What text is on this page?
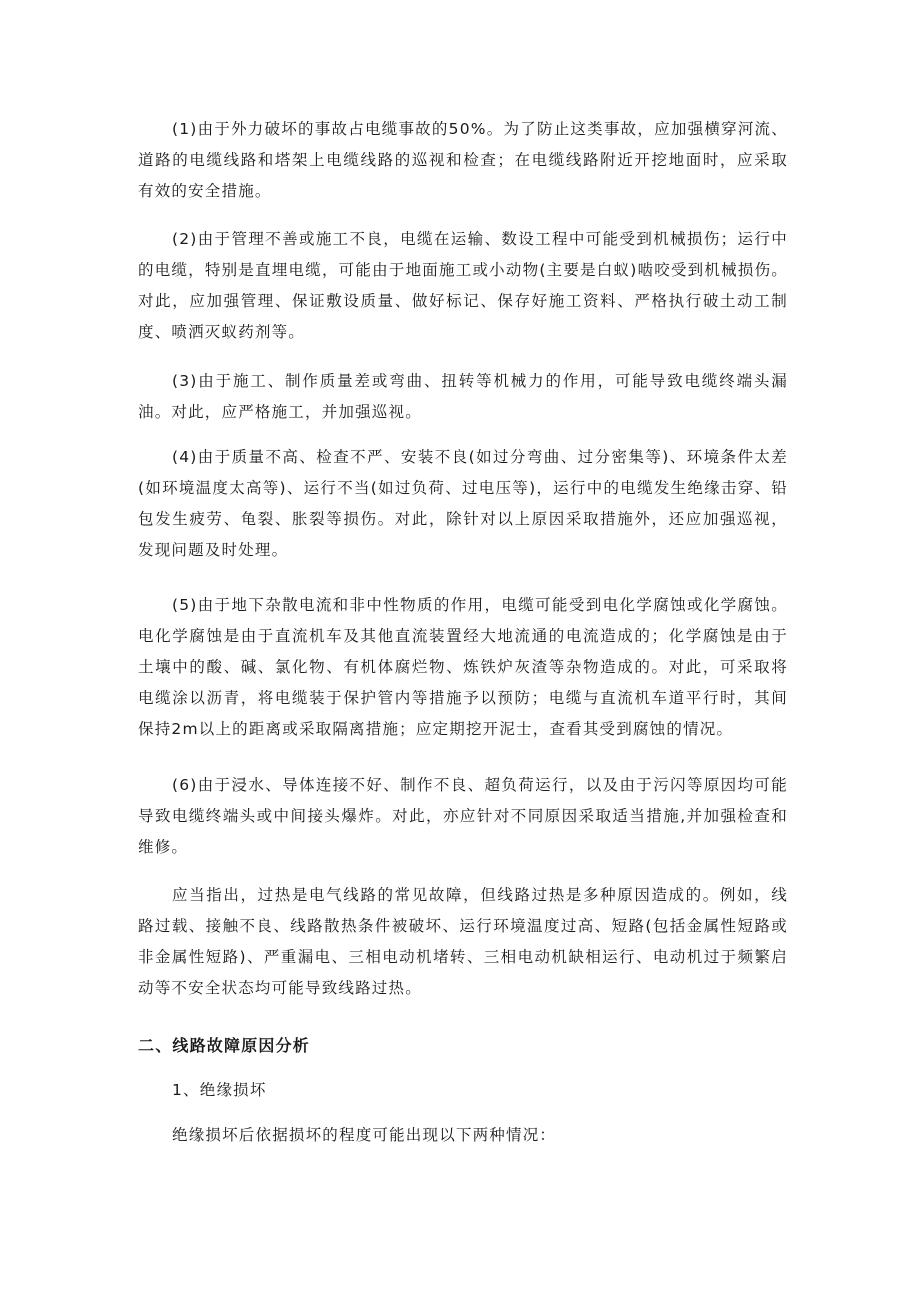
(1)由于外力破坏的事故占电缆事故的50%。为了防止这类事故，应加强横穿河流、道路的电缆线路和塔架上电缆线路的巡视和检查；在电缆线路附近开挖地面时，应采取有效的安全措施。

(2)由于管理不善或施工不良，电缆在运输、数设工程中可能受到机械损伤；运行中的电缆，特别是直埋电缆，可能由于地面施工或小动物(主要是白蚁)啮咬受到机械损伤。对此，应加强管理、保证敷设质量、做好标记、保存好施工资料、严格执行破土动工制度、喷洒灭蚁药剂等。

(3)由于施工、制作质量差或弯曲、扭转等机械力的作用，可能导致电缆终端头漏油。对此，应严格施工，并加强巡视。

(4)由于质量不高、检查不严、安装不良(如过分弯曲、过分密集等)、环境条件太差(如环境温度太高等)、运行不当(如过负荷、过电压等)，运行中的电缆发生绝缘击穿、铅包发生疲劳、龟裂、胀裂等损伤。对此，除针对以上原因采取措施外，还应加强巡视，发现问题及时处理。

(5)由于地下杂散电流和非中性物质的作用，电缆可能受到电化学腐蚀或化学腐蚀。电化学腐蚀是由于直流机车及其他直流装置经大地流通的电流造成的；化学腐蚀是由于土壤中的酸、碱、氯化物、有机体腐烂物、炼铁炉灰渣等杂物造成的。对此，可采取将电缆涂以沥青，将电缆装于保护管内等措施予以预防；电缆与直流机车道平行时，其间保持2m以上的距离或采取隔离措施；应定期挖开泥士，查看其受到腐蚀的情况。

(6)由于浸水、导体连接不好、制作不良、超负荷运行，以及由于污闪等原因均可能导致电缆终端头或中间接头爆炸。对此，亦应针对不同原因采取适当措施,并加强检查和维修。

应当指出，过热是电气线路的常见故障，但线路过热是多种原因造成的。例如，线路过载、接触不良、线路散热条件被破坏、运行环境温度过高、短路(包括金属性短路或非金属性短路)、严重漏电、三相电动机堵转、三相电动机缺相运行、电动机过于频繁启动等不安全状态均可能导致线路过热。

二、线路故障原因分析
1、绝缘损坏

绝缘损坏后依据损坏的程度可能出现以下两种情况：
